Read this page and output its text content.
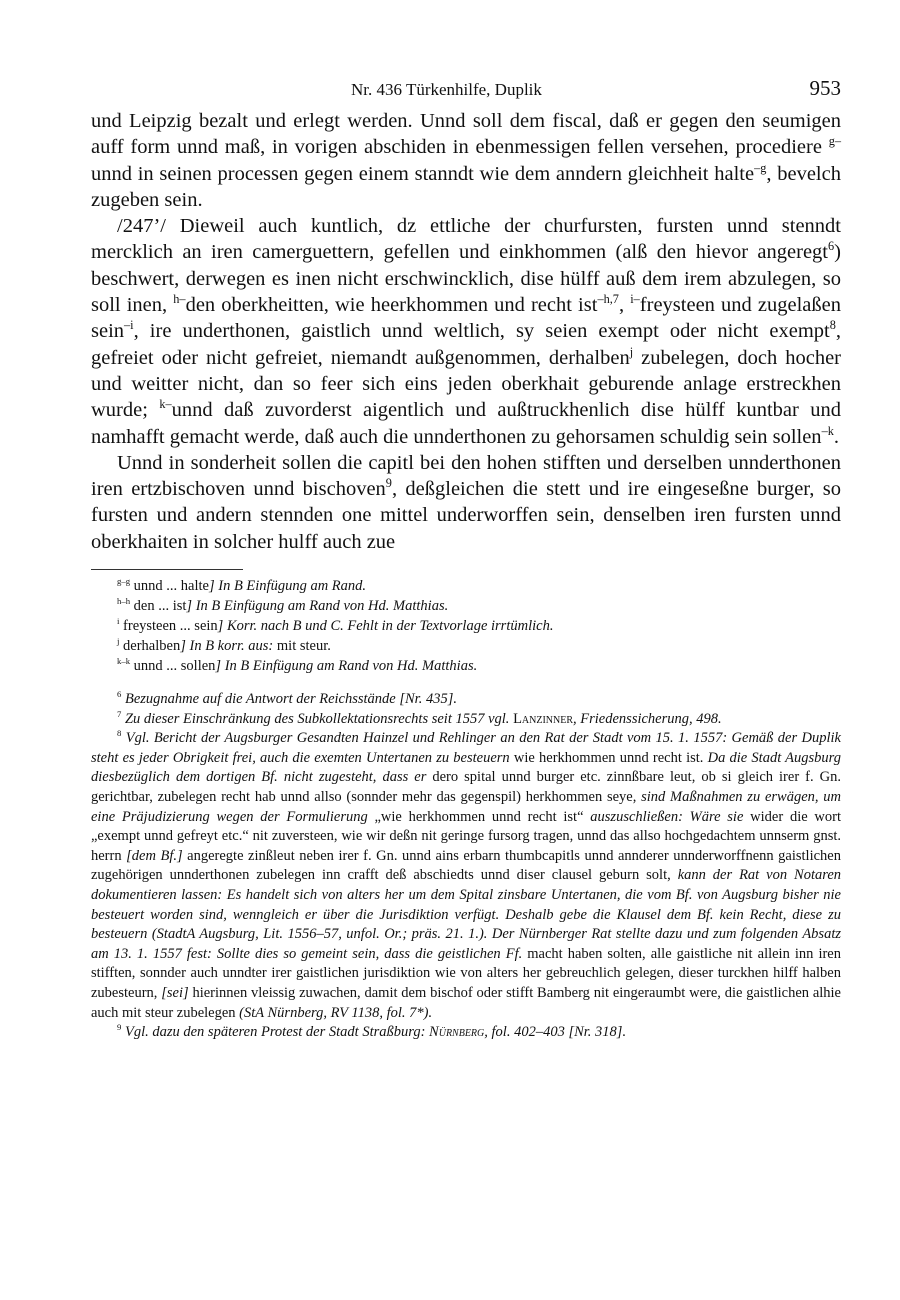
Nr. 436 Türkenhilfe, Duplik	953

und Leipzig bezalt und erlegt werden. Unnd soll dem fiscal, daß er gegen den seumigen auff form unnd maß, in vorigen abschiden in ebenmessigen fellen versehen, procediere $^{g-}$unnd in seinen processen gegen einem stanndt wie dem anndern gleichheit halte$^{-g}$, bevelch zugeben sein.

/247’/ Dieweil auch kuntlich, dz ettliche der churfursten, fursten unnd stenndt mercklich an iren camerguettern, gefellen und einkhommen (alß den hievor angeregt$^6$) beschwert, derwegen es inen nicht erschwincklich, dise hülff auß dem irem abzulegen, so soll inen, $^{h-}$den oberkheitten, wie heerkhommen und recht ist$^{-h,7}$, $^{i-}$freysteen und zugelaßen sein$^{-i}$, ire underthonen, gaistlich unnd weltlich, sy seien exempt oder nicht exempt$^8$, gefreiet oder nicht gefreiet, niemandt außgenommen, derhalben$^j$ zubelegen, doch hocher und weitter nicht, dan so feer sich eins jeden oberkhait geburende anlage erstreckhen wurde; $^{k-}$unnd daß zuvorderst aigentlich und außtruckhenlich dise hülff kuntbar und namhafft gemacht werde, daß auch die unnderthonen zu gehorsamen schuldig sein sollen$^{-k}$.

Unnd in sonderheit sollen die capitl bei den hohen stifften und derselben unnderthonen iren ertzbischoven unnd bischoven$^9$, deßgleichen die stett und ire eingeseßne burger, so fursten und andern stennden one mittel underworffen sein, denselben iren fursten unnd oberkhaiten in solcher hulff auch zue

$^{g-g}$ unnd ... halte] In B Einfügung am Rand.

$^{h-h}$ den ... ist] In B Einfügung am Rand von Hd. Matthias.

$^i$ freysteen ... sein] Korr. nach B und C. Fehlt in der Textvorlage irrtümlich.

$^j$ derhalben] In B korr. aus: mit steur.

$^{k-k}$ unnd ... sollen] In B Einfügung am Rand von Hd. Matthias.

$^6$ Bezugnahme auf die Antwort der Reichsstände [Nr. 435].

$^7$ Zu dieser Einschränkung des Subkollektationsrechts seit 1557 vgl. Lanzinner, Friedenssicherung, 498.

$^8$ Vgl. Bericht der Augsburger Gesandten Hainzel und Rehlinger an den Rat der Stadt vom 15. 1. 1557: Gemäß der Duplik steht es jeder Obrigkeit frei, auch die exemten Untertanen zu besteuern wie herkhommen unnd recht ist. Da die Stadt Augsburg diesbezüglich dem dortigen Bf. nicht zugesteht, dass er dero spital unnd burger etc. zinnßbare leut, ob si gleich irer f. Gn. gerichtbar, zubelegen recht hab unnd allso (sonnder mehr das gegenspil) herkhommen seye, sind Maßnahmen zu erwägen, um eine Präjudizierung wegen der Formulierung „wie herkhommen unnd recht ist“ auszuschließen: Wäre sie wider die wort „exempt unnd gefreyt etc.“ nit zuversteen, wie wir deßn nit geringe fursorg tragen, unnd das allso hochgedachtem unnserm gnst. herrn [dem Bf.] angeregte zinßleut neben irer f. Gn. unnd ains erbarn thumbcapitls unnd annderer unnderworffnenn gaistlichen zugehörigen unnderthonen zubelegen inn crafft deß abschiedts unnd diser clausel geburn solt, kann der Rat von Notaren dokumentieren lassen: Es handelt sich von alters her um dem Spital zinsbare Untertanen, die vom Bf. von Augsburg bisher nie besteuert worden sind, wenngleich er über die Jurisdiktion verfügt. Deshalb gebe die Klausel dem Bf. kein Recht, diese zu besteuern (StadtA Augsburg, Lit. 1556–57, unfol. Or.; präs. 21. 1.). Der Nürnberger Rat stellte dazu und zum folgenden Absatz am 13. 1. 1557 fest: Sollte dies so gemeint sein, dass die geistlichen Ff. macht haben solten, alle gaistliche nit allein inn iren stifften, sonnder auch unndter irer gaistlichen jurisdiktion wie von alters her gebreuchlich gelegen, dieser turckhen hilff halben zubesteurn, [sei] hierinnen vleissig zuwachen, damit dem bischof oder stifft Bamberg nit eingeraumbt were, die gaistlichen alhie auch mit steur zubelegen (StA Nürnberg, RV 1138, fol. 7*).

$^9$ Vgl. dazu den späteren Protest der Stadt Straßburg: Nürnberg, fol. 402–403 [Nr. 318].
